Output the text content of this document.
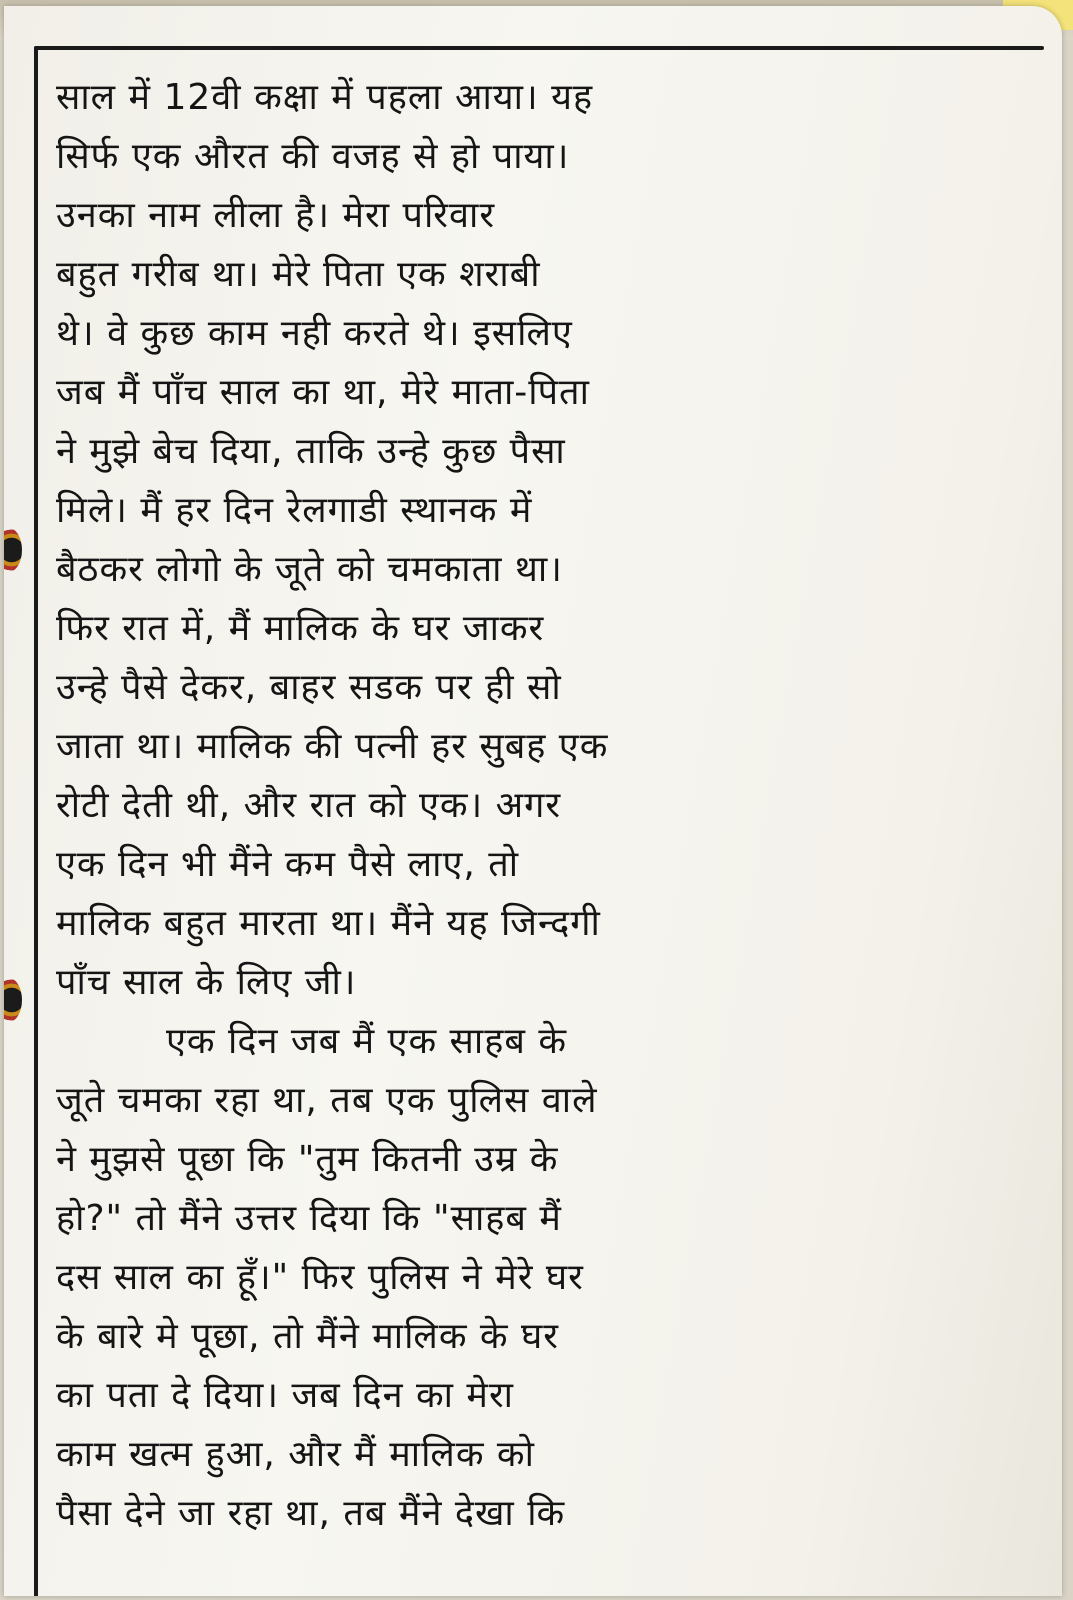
साल में 12वी कक्षा में पहला आया। यह
सिर्फ एक औरत की वजह से हो पाया।
उनका नाम लीला है। मेरा परिवार
बहुत गरीब था। मेरे पिता एक शराबी
थे। वे कुछ काम नही करते थे। इसलिए
जब मैं पाँच साल का था, मेरे माता-पिता
ने मुझे बेच दिया, ताकि उन्हे कुछ पैसा
मिले। मैं हर दिन रेलगाडी स्थानक में
बैठकर लोगो के जूते को चमकाता था।
फिर रात में, मैं मालिक के घर जाकर
उन्हे पैसे देकर, बाहर सडक पर ही सो
जाता था। मालिक की पत्नी हर सुबह एक
रोटी देती थी, और रात को एक। अगर
एक दिन भी मैंने कम पैसे लाए, तो
मालिक बहुत मारता था। मैंने यह जिन्दगी
पाँच साल के लिए जी।
एक दिन जब मैं एक साहब के
जूते चमका रहा था, तब एक पुलिस वाले
ने मुझसे पूछा कि "तुम कितनी उम्र के
हो?" तो मैंने उत्तर दिया कि "साहब मैं
दस साल का हूँ।" फिर पुलिस ने मेरे घर
के बारे मे पूछा, तो मैंने मालिक के घर
का पता दे दिया। जब दिन का मेरा
काम खत्म हुआ, और मैं मालिक को
पैसा देने जा रहा था, तब मैंने देखा कि
